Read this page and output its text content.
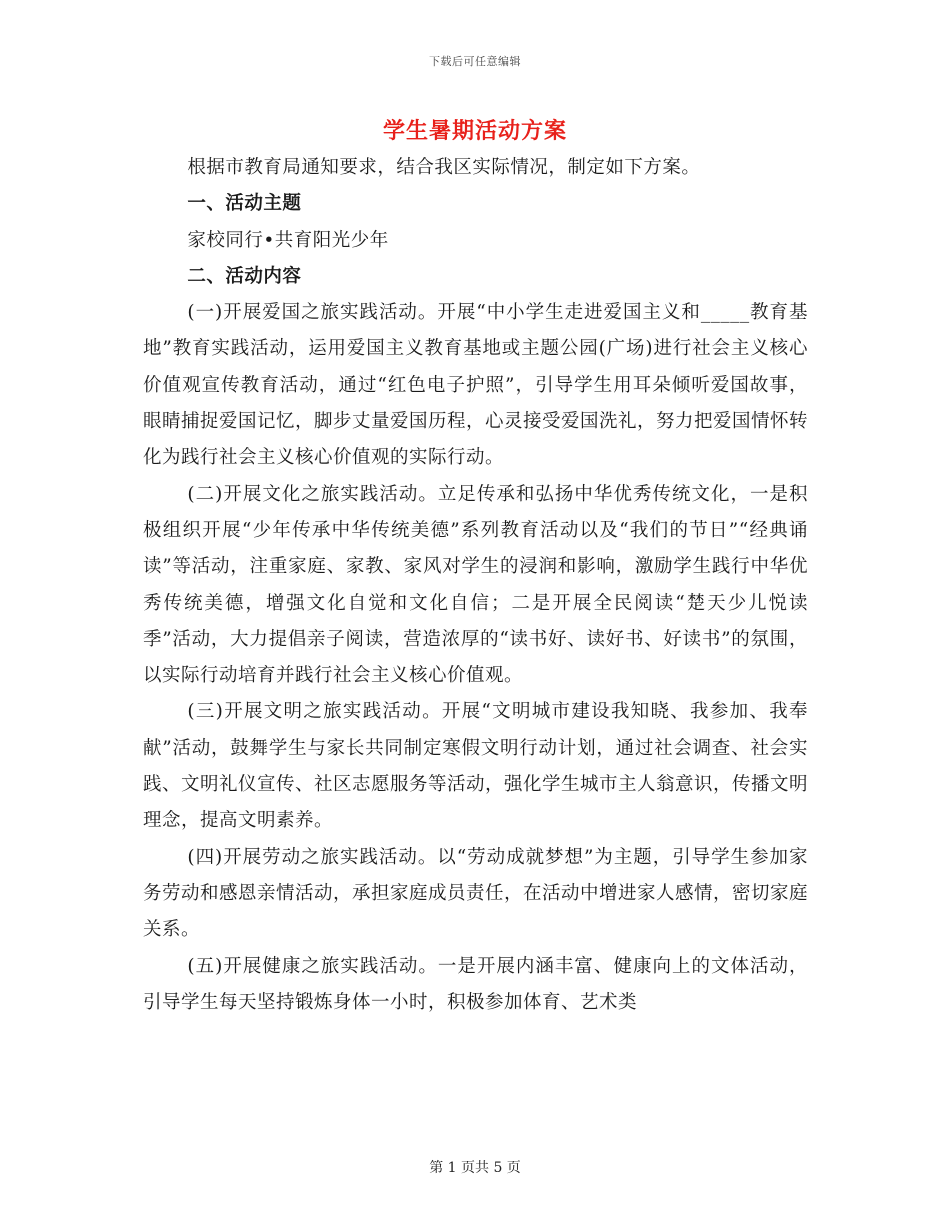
下载后可任意编辑
学生暑期活动方案

根据市教育局通知要求，结合我区实际情况，制定如下方案。

一、活动主题

家校同行•共育阳光少年

二、活动内容

(一)开展爱国之旅实践活动。开展“中小学生走进爱国主义和_____教育基地”教育实践活动，运用爱国主义教育基地或主题公园(广场)进行社会主义核心价值观宣传教育活动，通过“红色电子护照”，引导学生用耳朵倾听爱国故事，眼睛捕捉爱国记忆，脚步丈量爱国历程，心灵接受爱国洗礼，努力把爱国情怀转化为践行社会主义核心价值观的实际行动。

(二)开展文化之旅实践活动。立足传承和弘扬中华优秀传统文化，一是积极组织开展“少年传承中华传统美德”系列教育活动以及“我们的节日”“经典诵读”等活动，注重家庭、家教、家风对学生的浸润和影响，激励学生践行中华优秀传统美德，增强文化自觉和文化自信；二是开展全民阅读“楚天少儿悦读季”活动，大力提倡亲子阅读，营造浓厚的“读书好、读好书、好读书”的氛围，以实际行动培育并践行社会主义核心价值观。

(三)开展文明之旅实践活动。开展“文明城市建设我知晓、我参加、我奉献”活动，鼓舞学生与家长共同制定寒假文明行动计划，通过社会调查、社会实践、文明礼仪宣传、社区志愿服务等活动，强化学生城市主人翁意识，传播文明理念，提高文明素养。

(四)开展劳动之旅实践活动。以“劳动成就梦想”为主题，引导学生参加家务劳动和感恩亲情活动，承担家庭成员责任，在活动中增进家人感情，密切家庭关系。

(五)开展健康之旅实践活动。一是开展内涵丰富、健康向上的文体活动，引导学生每天坚持锻炼身体一小时，积极参加体育、艺术类

第 1 页共 5 页
